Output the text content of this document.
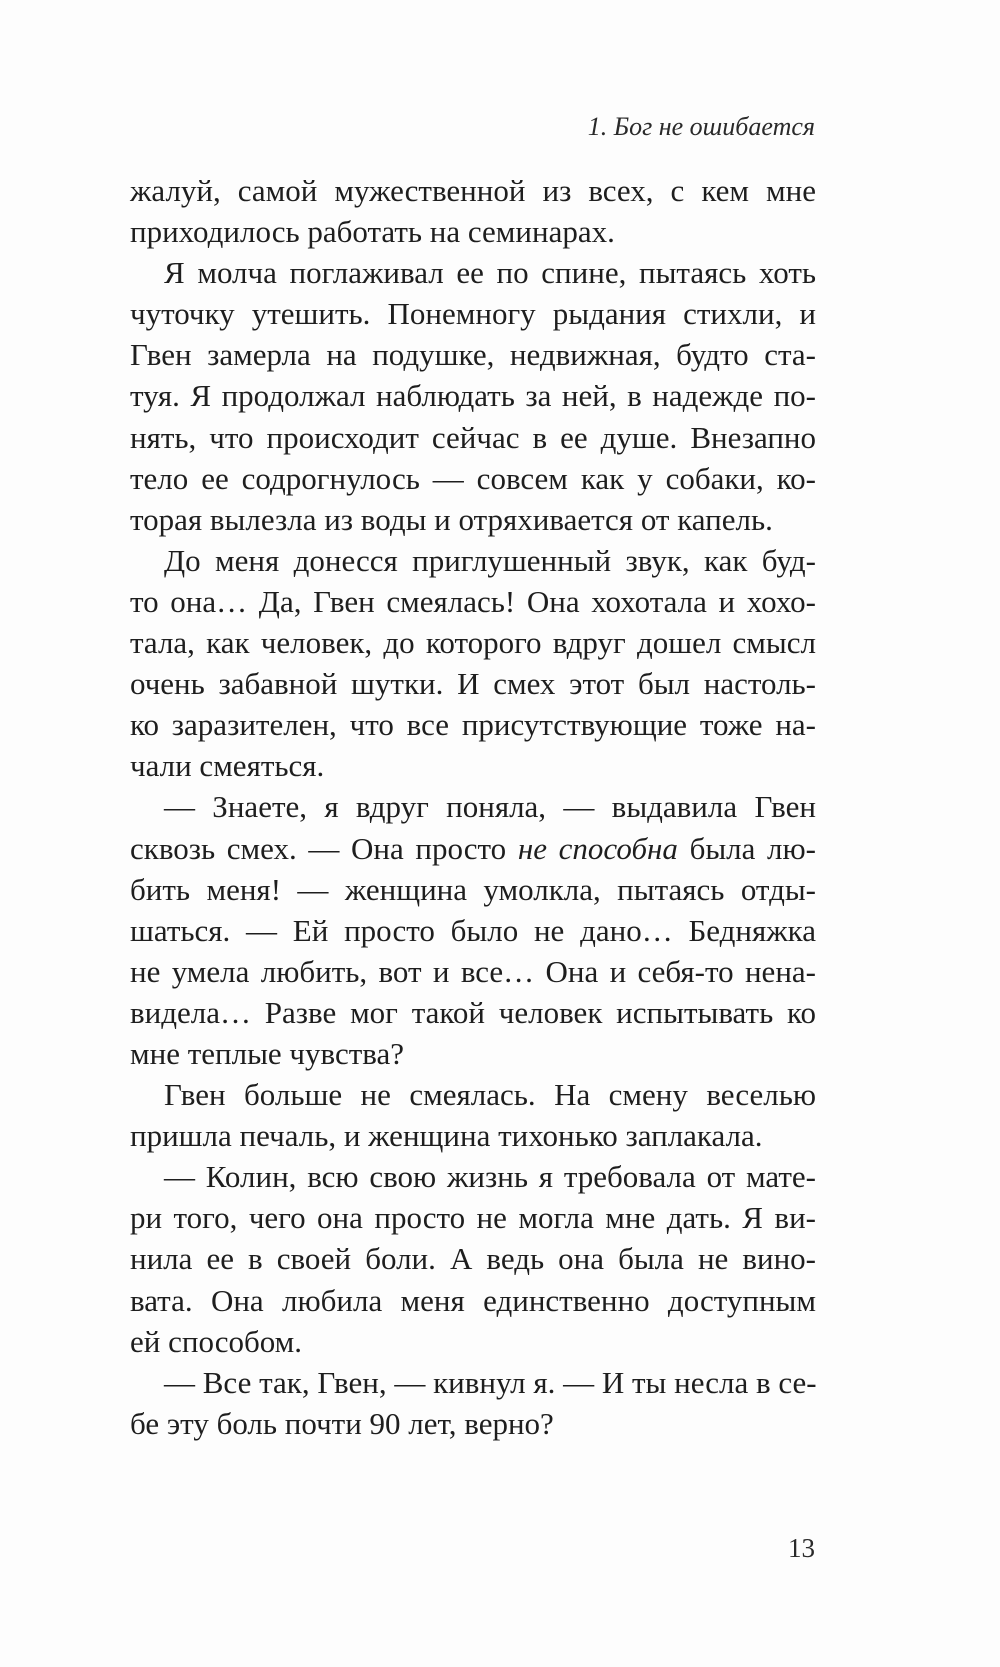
1. Бог не ошибается
жалуй, самой мужественной из всех, с кем мне
приходилось работать на семинарах.
Я молча поглаживал ее по спине, пытаясь хоть
чуточку утешить. Понемногу рыдания стихли, и
Гвен замерла на подушке, недвижная, будто ста-
туя. Я продолжал наблюдать за ней, в надежде по-
нять, что происходит сейчас в ее душе. Внезапно
тело ее содрогнулось — совсем как у собаки, ко-
торая вылезла из воды и отряхивается от капель.
До меня донесся приглушенный звук, как буд-
то она… Да, Гвен смеялась! Она хохотала и хохо-
тала, как человек, до которого вдруг дошел смысл
очень забавной шутки. И смех этот был настоль-
ко заразителен, что все присутствующие тоже на-
чали смеяться.
— Знаете, я вдруг поняла, — выдавила Гвен
сквозь смех. — Она просто не способна была лю-
бить меня! — женщина умолкла, пытаясь отды-
шаться. — Ей просто было не дано… Бедняжка
не умела любить, вот и все… Она и себя-то нена-
видела… Разве мог такой человек испытывать ко
мне теплые чувства?
Гвен больше не смеялась. На смену веселью
пришла печаль, и женщина тихонько заплакала.
— Колин, всю свою жизнь я требовала от мате-
ри того, чего она просто не могла мне дать. Я ви-
нила ее в своей боли. А ведь она была не вино-
вата. Она любила меня единственно доступным
ей способом.
— Все так, Гвен, — кивнул я. — И ты несла в се-
бе эту боль почти 90 лет, верно?
13
